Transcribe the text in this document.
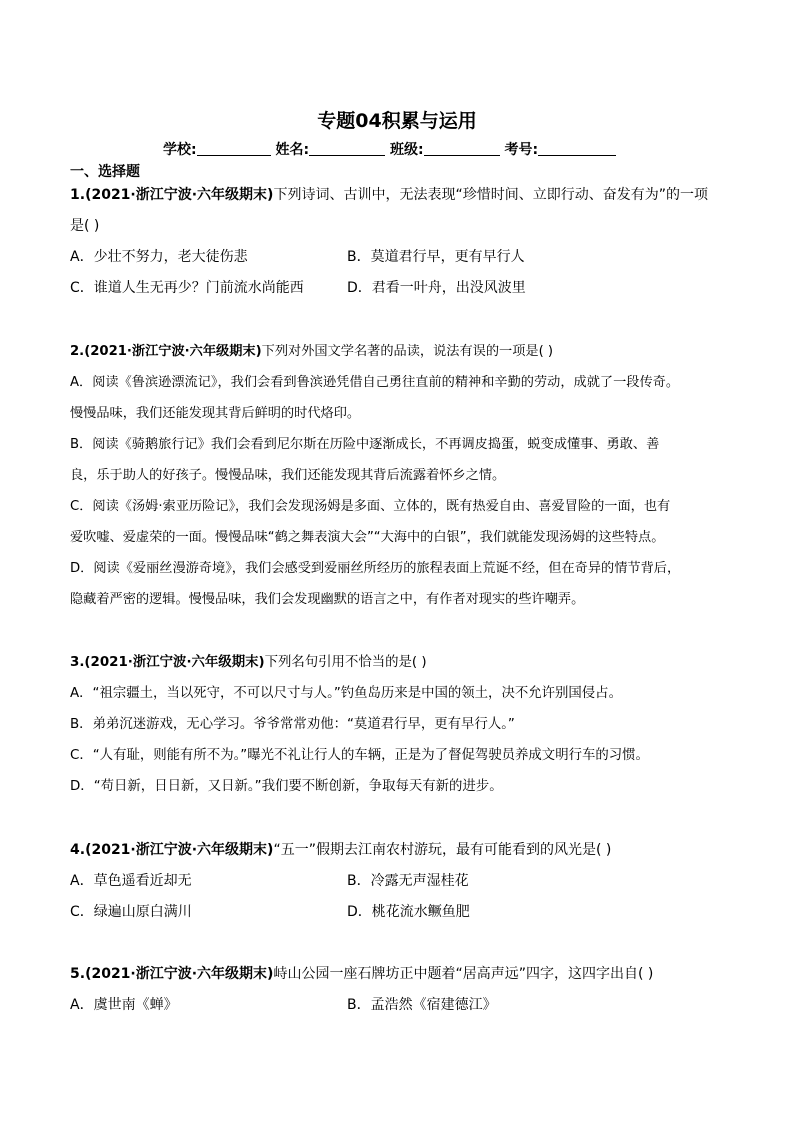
专题04积累与运用
学校:	姓名:	班级:	考号:
一、选择题
1.(2021·浙江宁波·六年级期末)下列诗词、古训中，无法表现“珍惜时间、立即行动、奋发有为”的一项
是( )
A．少壮不努力，老大徒伤悲	B．莫道君行早，更有早行人
C．谁道人生无再少？门前流水尚能西	D．君看一叶舟，出没风波里
2.(2021·浙江宁波·六年级期末)下列对外国文学名著的品读，说法有误的一项是( )
A．阅读《鲁滨逊漂流记》，我们会看到鲁滨逊凭借自己勇往直前的精神和辛勤的劳动，成就了一段传奇。
慢慢品味，我们还能发现其背后鲜明的时代烙印。
B．阅读《骑鹅旅行记》我们会看到尼尔斯在历险中逐渐成长，不再调皮捣蛋，蜕变成懂事、勇敢、善
良，乐于助人的好孩子。慢慢品味，我们还能发现其背后流露着怀乡之情。
C．阅读《汤姆·索亚历险记》，我们会发现汤姆是多面、立体的，既有热爱自由、喜爱冒险的一面，也有
爱吹嘘、爱虚荣的一面。慢慢品味“鹤之舞表演大会”“大海中的白银”，我们就能发现汤姆的这些特点。
D．阅读《爱丽丝漫游奇境》，我们会感受到爱丽丝所经历的旅程表面上荒诞不经，但在奇异的情节背后，
隐藏着严密的逻辑。慢慢品味，我们会发现幽默的语言之中，有作者对现实的些许嘲弄。
3.(2021·浙江宁波·六年级期末)下列名句引用不恰当的是( )
A．“祖宗疆土，当以死守，不可以尺寸与人。”钓鱼岛历来是中国的领土，决不允许别国侵占。
B．弟弟沉迷游戏，无心学习。爷爷常常劝他：“莫道君行早，更有早行人。”
C．“人有耻，则能有所不为。”曝光不礼让行人的车辆，正是为了督促驾驶员养成文明行车的习惯。
D．“苟日新，日日新，又日新。”我们要不断创新，争取每天有新的进步。
4.(2021·浙江宁波·六年级期末)“五一”假期去江南农村游玩，最有可能看到的风光是( )
A．草色遥看近却无	B．冷露无声湿桂花
C．绿遍山原白满川	D．桃花流水鳜鱼肥
5.(2021·浙江宁波·六年级期末)峙山公园一座石牌坊正中题着“居高声远”四字，这四字出自( )
A．虞世南《蝉》	B．孟浩然《宿建德江》
